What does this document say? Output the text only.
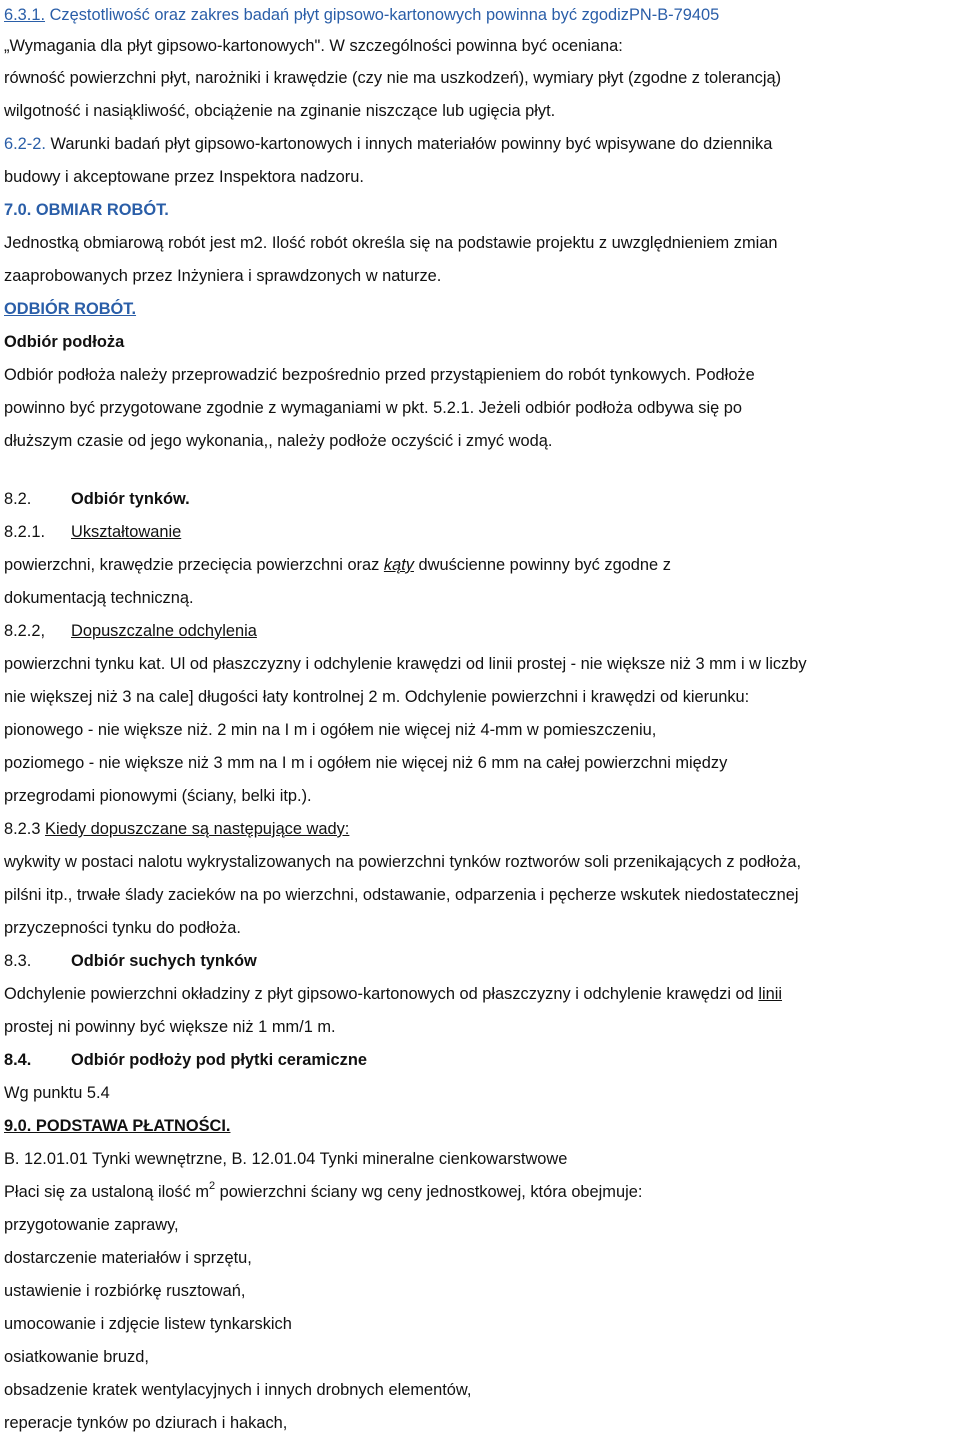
6.3.1. Częstotliwość oraz zakres badań płyt gipsowo-kartonowych powinna być zgodizPN-B-79405
„Wymagania dla płyt gipsowo-kartonowych". W szczególności powinna być oceniana:
równość powierzchni płyt, narożniki i krawędzie (czy nie ma uszkodzeń), wymiary płyt (zgodne z tolerancją)
wilgotność i nasiąkliwość, obciążenie na zginanie niszczące lub ugięcia płyt.
6.2-2. Warunki badań płyt gipsowo-kartonowych i innych materiałów powinny być wpisywane do dziennika
budowy i akceptowane przez Inspektora nadzoru.
7.0. OBMIAR ROBÓT.
Jednostką obmiarową robót jest m2. Ilość robót określa się na podstawie projektu z uwzględnieniem zmian
zaaprobowanych przez Inżyniera i sprawdzonych w naturze.
ODBIÓR ROBÓT.
Odbiór podłoża
Odbiór podłoża należy przeprowadzić bezpośrednio przed przystąpieniem do robót tynkowych. Podłoże
powinno być przygotowane zgodnie z wymaganiami w pkt. 5.2.1. Jeżeli odbiór podłoża odbywa się po
dłuższym czasie od jego wykonania,, należy podłoże oczyścić i zmyć wodą.
8.2. Odbiór tynków.
8.2.1. Ukształtowanie
powierzchni, krawędzie przecięcia powierzchni oraz kąty dwuścienne powinny być zgodne z
dokumentacją techniczną.
8.2.2, Dopuszczalne odchylenia
powierzchni tynku kat. Ul od płaszczyzny i odchylenie krawędzi od linii prostej - nie większe niż 3 mm i w liczby
nie większej niż 3 na cale] długości łaty kontrolnej 2 m. Odchylenie powierzchni i krawędzi od kierunku:
pionowego - nie większe niż. 2 min na I m i ogółem nie więcej niż 4-mm w pomieszczeniu,
poziomego - nie większe niż 3 mm na I m i ogółem nie więcej niż 6 mm na całej powierzchni między
przegrodami pionowymi (ściany, belki itp.).
8.2.3 Kiedy dopuszczane są następujące wady:
wykwity w postaci nalotu wykrystalizowanych na powierzchni tynków roztworów soli przenikających z podłoża,
pilśni itp., trwałe ślady zacieków na po wierzchni, odstawanie, odparzenia i pęcherze wskutek niedostatecznej
przyczepności tynku do podłoża.
8.3. Odbiór suchych tynków
Odchylenie powierzchni okładziny z płyt gipsowo-kartonowych od płaszczyzny i odchylenie krawędzi od linii
prostej ni powinny być większe niż 1 mm/1 m.
8.4. Odbiór podłoży pod płytki ceramiczne
Wg punktu 5.4
9.0. PODSTAWA PŁATNOŚCI.
B. 12.01.01 Tynki wewnętrzne, B. 12.01.04 Tynki mineralne cienkowarstwowe
Płaci się za ustaloną ilość $m^2$ powierzchni ściany wg ceny jednostkowej, która obejmuje:
przygotowanie zaprawy,
dostarczenie materiałów i sprzętu,
ustawienie i rozbiórkę rusztowań,
umocowanie i zdjęcie listew tynkarskich
osiatkowanie bruzd,
obsadzenie kratek wentylacyjnych i innych drobnych elementów,
reperacje tynków po dziurach i hakach,
